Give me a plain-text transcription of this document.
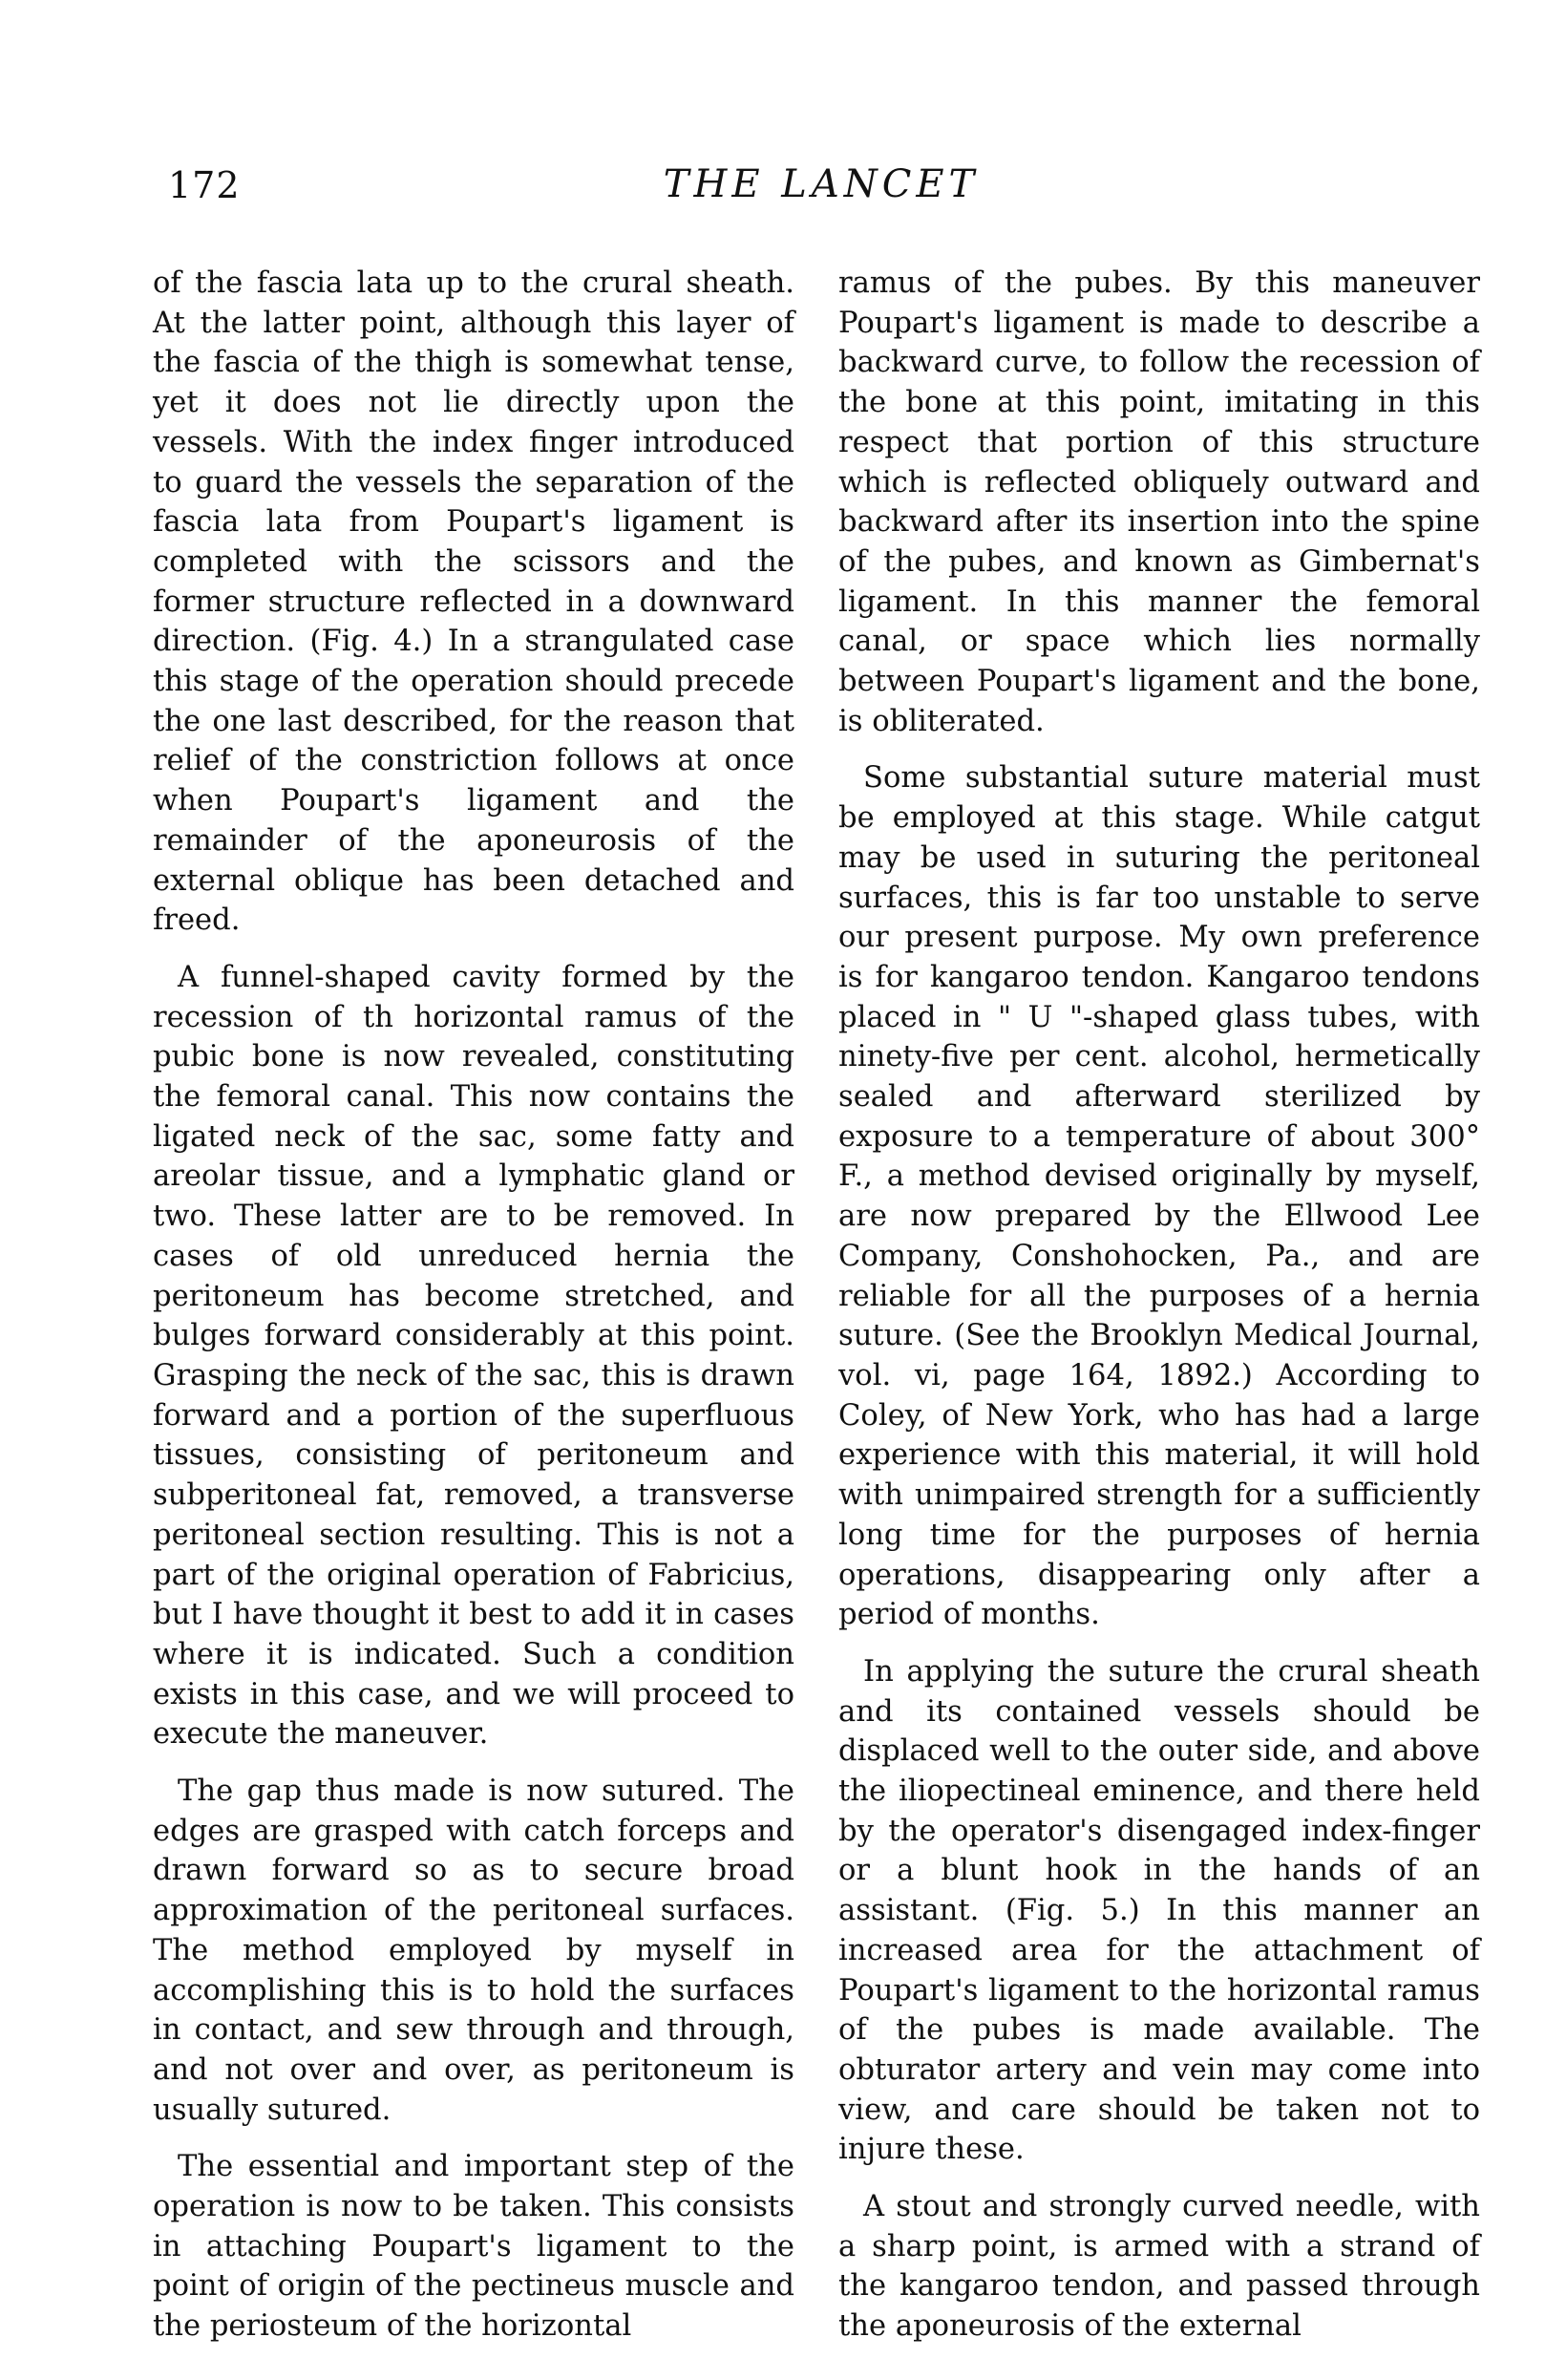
172	THE LANCET

of the fascia lata up to the crural sheath. At the latter point, although this layer of the fascia of the thigh is somewhat tense, yet it does not lie directly upon the vessels. With the index finger introduced to guard the vessels the separation of the fascia lata from Poupart's ligament is completed with the scissors and the former structure reflected in a downward direction. (Fig. 4.) In a strangulated case this stage of the operation should precede the one last described, for the reason that relief of the constriction follows at once when Poupart's ligament and the remainder of the aponeurosis of the external oblique has been detached and freed.

A funnel-shaped cavity formed by the recession of th horizontal ramus of the pubic bone is now revealed, constituting the femoral canal. This now contains the ligated neck of the sac, some fatty and areolar tissue, and a lymphatic gland or two. These latter are to be removed. In cases of old unreduced hernia the peritoneum has become stretched, and bulges forward considerably at this point. Grasping the neck of the sac, this is drawn forward and a portion of the superfluous tissues, consisting of peritoneum and subperitoneal fat, removed, a transverse peritoneal section resulting. This is not a part of the original operation of Fabricius, but I have thought it best to add it in cases where it is indicated. Such a condition exists in this case, and we will proceed to execute the maneuver.

The gap thus made is now sutured. The edges are grasped with catch forceps and drawn forward so as to secure broad approximation of the peritoneal surfaces. The method employed by myself in accomplishing this is to hold the surfaces in contact, and sew through and through, and not over and over, as peritoneum is usually sutured.

The essential and important step of the operation is now to be taken. This consists in attaching Poupart's ligament to the point of origin of the pectineus muscle and the periosteum of the horizontal

ramus of the pubes. By this maneuver Poupart's ligament is made to describe a backward curve, to follow the recession of the bone at this point, imitating in this respect that portion of this structure which is reflected obliquely outward and backward after its insertion into the spine of the pubes, and known as Gimbernat's ligament. In this manner the femoral canal, or space which lies normally between Poupart's ligament and the bone, is obliterated.

Some substantial suture material must be employed at this stage. While catgut may be used in suturing the peritoneal surfaces, this is far too unstable to serve our present purpose. My own preference is for kangaroo tendon. Kangaroo tendons placed in " U "-shaped glass tubes, with ninety-five per cent. alcohol, hermetically sealed and afterward sterilized by exposure to a temperature of about 300° F., a method devised originally by myself, are now prepared by the Ellwood Lee Company, Conshohocken, Pa., and are reliable for all the purposes of a hernia suture. (See the Brooklyn Medical Journal, vol. vi, page 164, 1892.) According to Coley, of New York, who has had a large experience with this material, it will hold with unimpaired strength for a sufficiently long time for the purposes of hernia operations, disappearing only after a period of months.

In applying the suture the crural sheath and its contained vessels should be displaced well to the outer side, and above the iliopectineal eminence, and there held by the operator's disengaged index-finger or a blunt hook in the hands of an assistant. (Fig. 5.) In this manner an increased area for the attachment of Poupart's ligament to the horizontal ramus of the pubes is made available. The obturator artery and vein may come into view, and care should be taken not to injure these.

A stout and strongly curved needle, with a sharp point, is armed with a strand of the kangaroo tendon, and passed through the aponeurosis of the external
